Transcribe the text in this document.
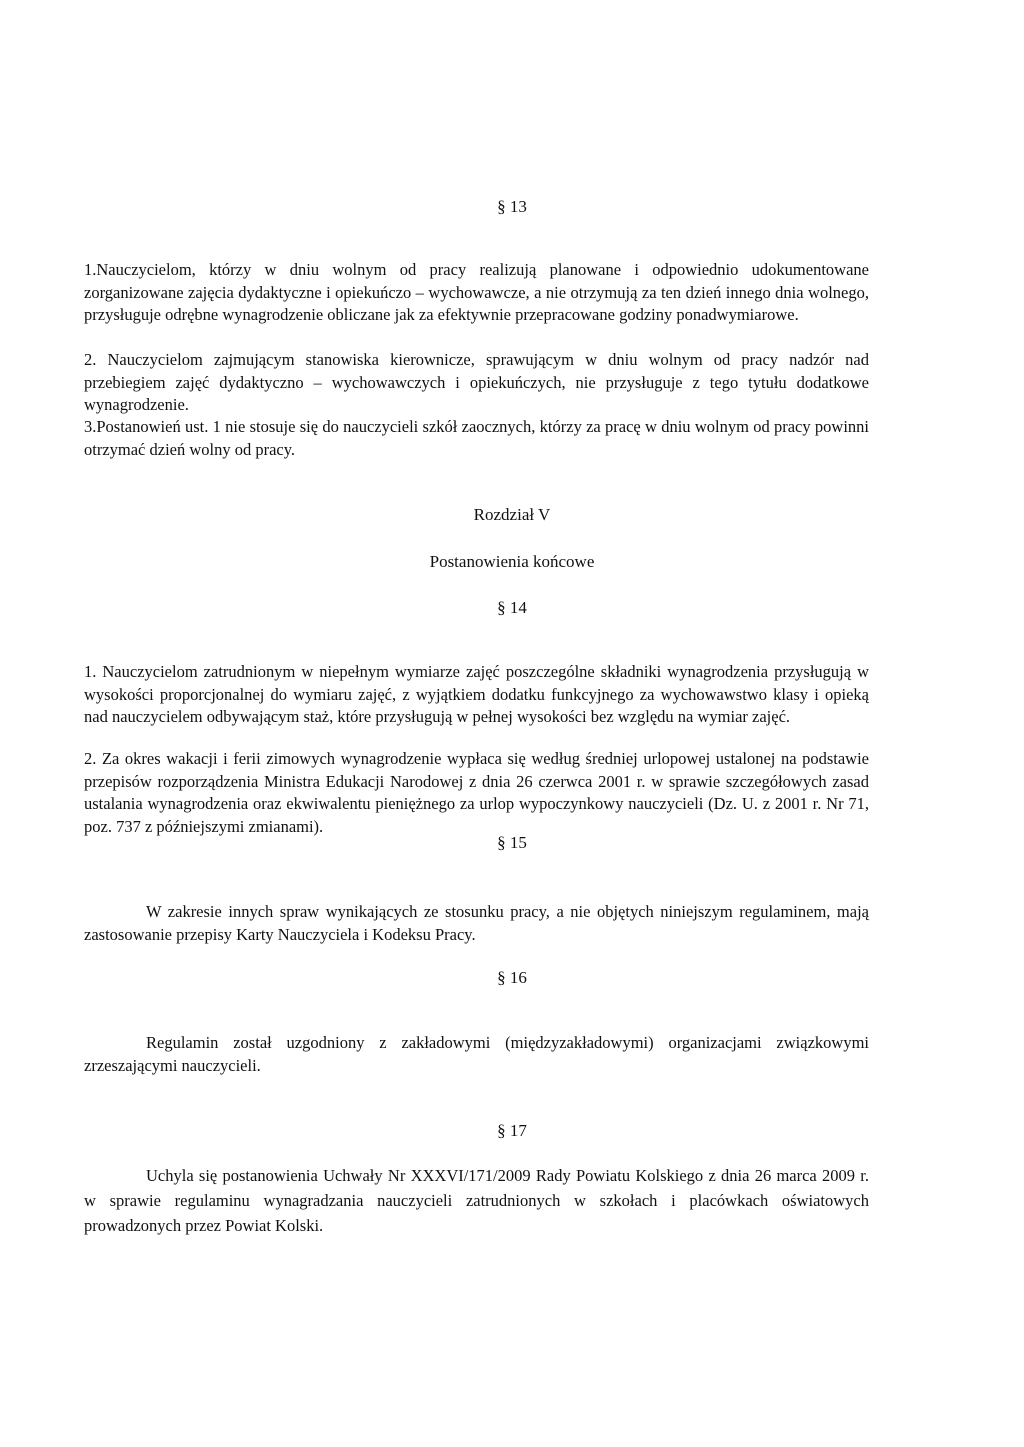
§ 13
1.Nauczycielom, którzy w dniu wolnym od pracy realizują planowane i odpowiednio udokumentowane zorganizowane zajęcia dydaktyczne i opiekuńczo – wychowawcze, a nie otrzymują za ten dzień innego dnia wolnego, przysługuje odrębne wynagrodzenie obliczane jak za efektywnie przepracowane godziny ponadwymiarowe.
2. Nauczycielom zajmującym stanowiska kierownicze, sprawującym w dniu wolnym od pracy nadzór nad przebiegiem zajęć dydaktyczno – wychowawczych i opiekuńczych, nie przysługuje z tego tytułu dodatkowe wynagrodzenie.
3.Postanowień ust. 1 nie stosuje się do nauczycieli szkół zaocznych, którzy za pracę w dniu wolnym od pracy powinni otrzymać dzień wolny od pracy.
Rozdział V
Postanowienia końcowe
§ 14
1. Nauczycielom zatrudnionym w niepełnym wymiarze zajęć poszczególne składniki wynagrodzenia przysługują w wysokości proporcjonalnej do wymiaru zajęć, z wyjątkiem dodatku funkcyjnego za wychowawstwo klasy i opieką nad nauczycielem odbywającym staż, które przysługują w pełnej wysokości bez względu na wymiar zajęć.
2. Za okres wakacji i ferii zimowych wynagrodzenie wypłaca się według średniej urlopowej ustalonej na podstawie przepisów rozporządzenia Ministra Edukacji Narodowej z dnia 26 czerwca 2001 r. w sprawie szczegółowych zasad ustalania wynagrodzenia oraz ekwiwalentu pieniężnego za urlop wypoczynkowy nauczycieli (Dz. U. z 2001 r. Nr 71, poz. 737 z późniejszymi zmianami).
§ 15
W zakresie innych spraw wynikających ze stosunku pracy, a nie objętych niniejszym regulaminem, mają zastosowanie przepisy Karty Nauczyciela i Kodeksu Pracy.
§ 16
Regulamin został uzgodniony z zakładowymi (międzyzakładowymi) organizacjami związkowymi zrzeszającymi nauczycieli.
§ 17
Uchyla się postanowienia Uchwały Nr XXXVI/171/2009 Rady Powiatu Kolskiego z dnia 26 marca 2009 r. w sprawie regulaminu wynagradzania nauczycieli zatrudnionych w szkołach i placówkach oświatowych prowadzonych przez Powiat Kolski.
